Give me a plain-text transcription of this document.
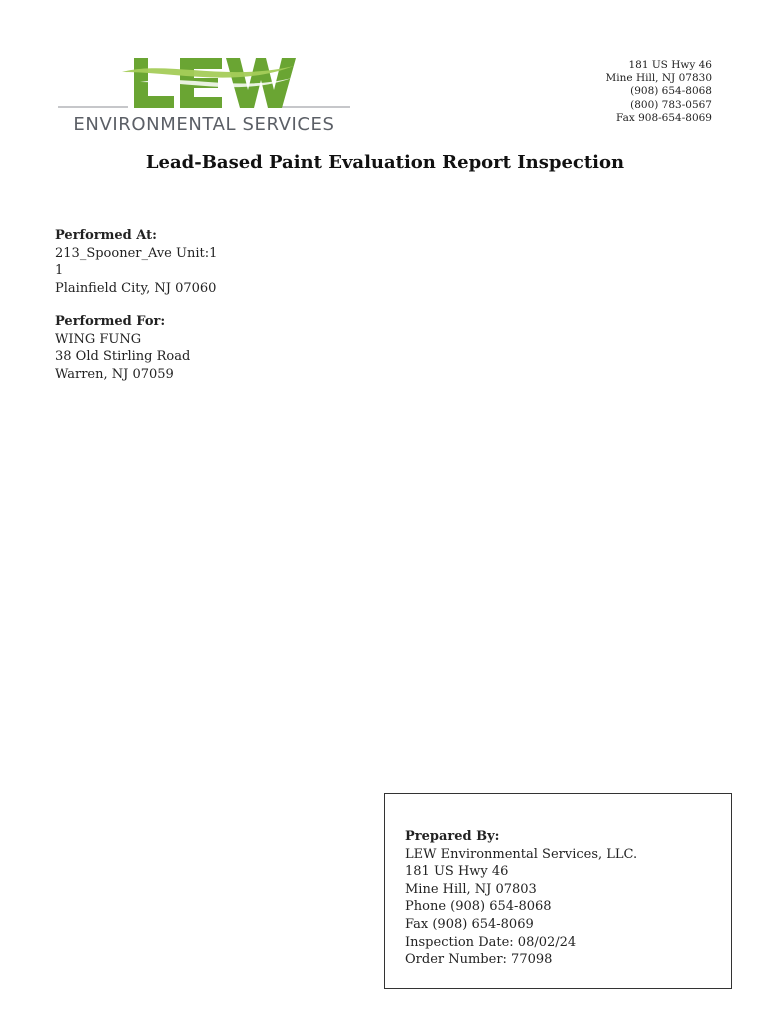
ENVIRONMENTAL SERVICES
181 US Hwy 46
Mine Hill, NJ 07830
(908) 654-8068
(800) 783-0567
Fax 908-654-8069
Lead-Based Paint Evaluation Report Inspection
Performed At:
213_Spooner_Ave Unit:1
1
Plainfield City, NJ 07060
Performed For:
WING FUNG
38 Old Stirling Road
Warren, NJ 07059
Prepared By:
LEW Environmental Services, LLC.
181 US Hwy 46
Mine Hill, NJ 07803
Phone (908) 654-8068
Fax (908) 654-8069
Inspection Date: 08/02/24
Order Number: 77098
